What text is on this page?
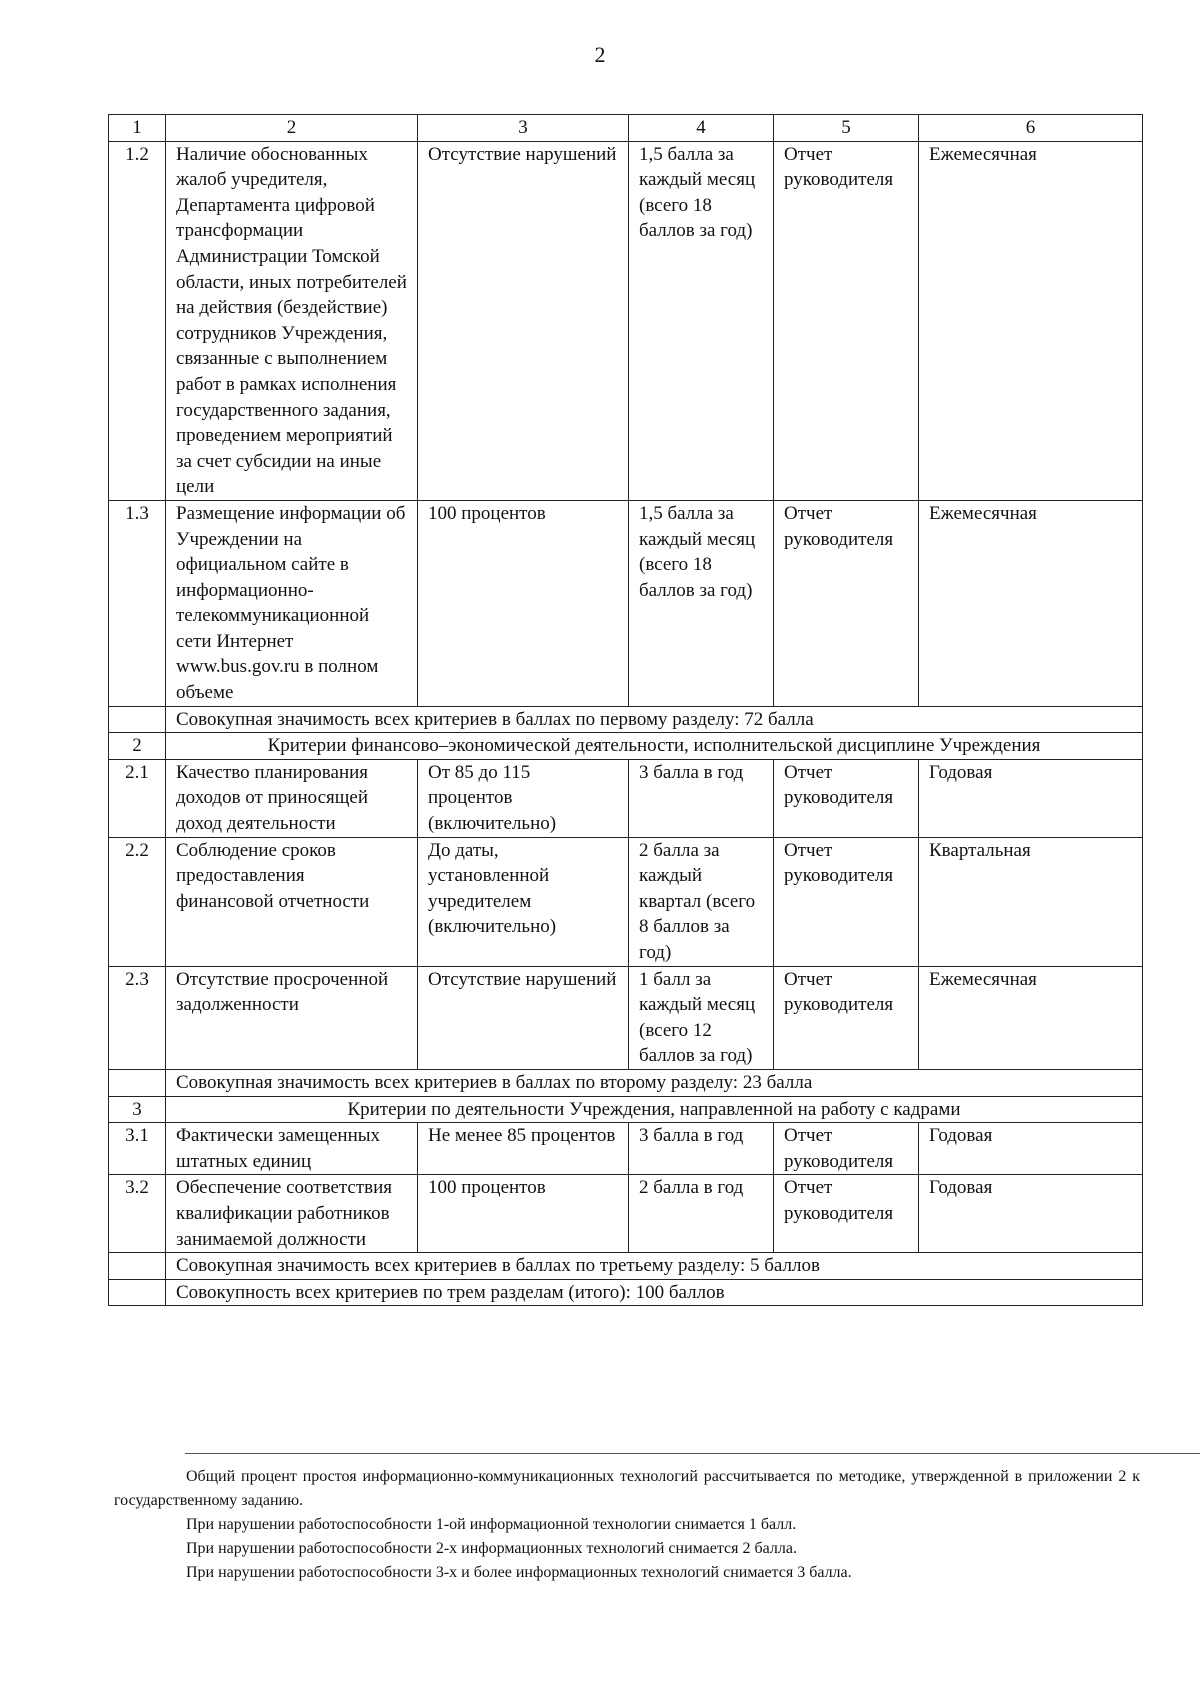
2
1	2	3	4	5	6
1.2	Наличие обоснованных жалоб учредителя, Департамента цифровой трансформации Администрации Томской области, иных потребителей на действия (бездействие) сотрудников Учреждения, связанные с выполнением работ в рамках исполнения государственного задания, проведением мероприятий за счет субсидии на иные цели	Отсутствие нарушений	1,5 балла за каждый месяц (всего 18 баллов за год)	Отчет руководителя	Ежемесячная
1.3	Размещение информации об Учреждении на официальном сайте в информационно-телекоммуникационной сети Интернет www.bus.gov.ru в полном объеме	100 процентов	1,5 балла за каждый месяц (всего 18 баллов за год)	Отчет руководителя	Ежемесячная
	Совокупная значимость всех критериев в баллах по первому разделу: 72 балла				
2	Критерии финансово–экономической деятельности, исполнительской дисциплине Учреждения				
2.1	Качество планирования доходов от приносящей доход деятельности	От 85 до 115 процентов (включительно)	3 балла в год	Отчет руководителя	Годовая
2.2	Соблюдение сроков предоставления финансовой отчетности	До даты, установленной учредителем (включительно)	2 балла за каждый квартал (всего 8 баллов за год)	Отчет руководителя	Квартальная
2.3	Отсутствие просроченной задолженности	Отсутствие нарушений	1 балл за каждый месяц (всего 12 баллов за год)	Отчет руководителя	Ежемесячная
	Совокупная значимость всех критериев в баллах по второму разделу: 23 балла				
3	Критерии по деятельности Учреждения, направленной на работу с кадрами				
3.1	Фактически замещенных штатных единиц	Не менее 85 процентов	3 балла в год	Отчет руководителя	Годовая
3.2	Обеспечение соответствия квалификации работников занимаемой должности	100 процентов	2 балла в год	Отчет руководителя	Годовая
	Совокупная значимость всех критериев в баллах по третьему разделу: 5 баллов				
	Совокупность всех критериев по трем разделам (итого): 100 баллов				

Общий процент простоя информационно-коммуникационных технологий рассчитывается по методике, утвержденной в приложении 2 к государственному заданию.

При нарушении работоспособности 1-ой информационной технологии снимается 1 балл.

При нарушении работоспособности 2-х информационных технологий снимается 2 балла.

При нарушении работоспособности 3-х и более информационных технологий снимается 3 балла.
